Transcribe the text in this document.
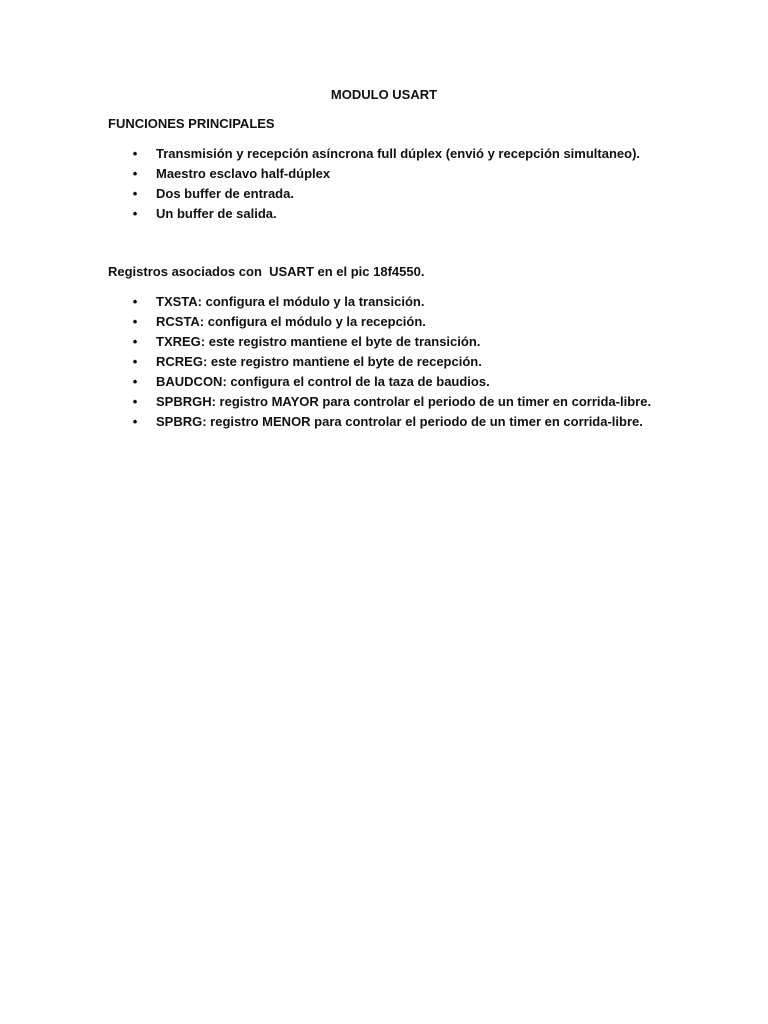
MODULO USART
FUNCIONES PRINCIPALES
•	Transmisión y recepción asíncrona full dúplex (envió y recepción simultaneo).
•	Maestro esclavo half-dúplex
•	Dos buffer de entrada.
•	Un buffer de salida.
Registros asociados con  USART en el pic 18f4550.
•	TXSTA: configura el módulo y la transición.
•	RCSTA: configura el módulo y la recepción.
•	TXREG: este registro mantiene el byte de transición.
•	RCREG: este registro mantiene el byte de recepción.
•	BAUDCON: configura el control de la taza de baudios.
•	SPBRGH: registro MAYOR para controlar el periodo de un timer en corrida-libre.
•	SPBRG: registro MENOR para controlar el periodo de un timer en corrida-libre.
